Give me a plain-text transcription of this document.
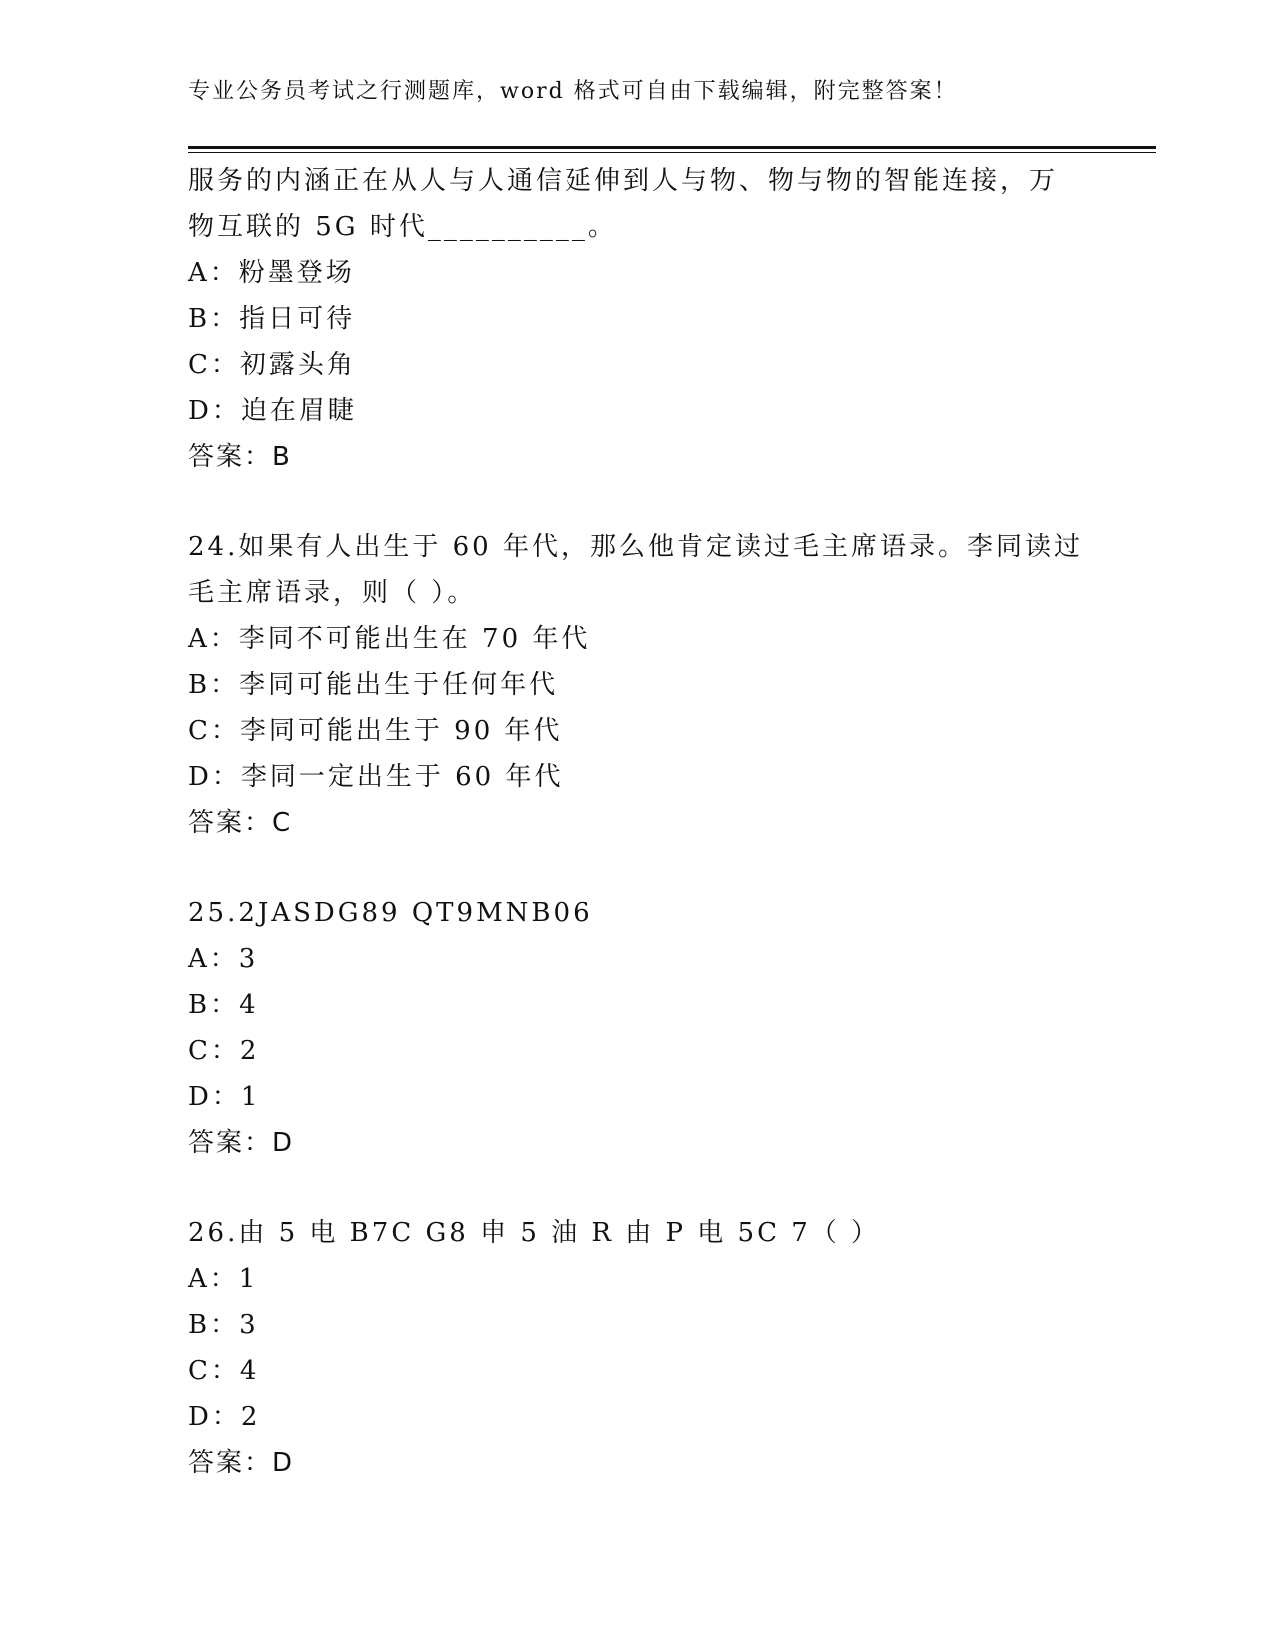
专业公务员考试之行测题库，word 格式可自由下载编辑，附完整答案！
服务的内涵正在从人与人通信延伸到人与物、物与物的智能连接，万
物互联的 5G 时代__________。
A：粉墨登场
B：指日可待
C：初露头角
D：迫在眉睫
答案：B
24.如果有人出生于 60 年代，那么他肯定读过毛主席语录。李同读过
毛主席语录，则（ ）。
A：李同不可能出生在 70 年代
B：李同可能出生于任何年代
C：李同可能出生于 90 年代
D：李同一定出生于 60 年代
答案：C
25.2JASDG89 QT9MNB06
A：3
B：4
C：2
D：1
答案：D
26.由 5 电 B7C G8 申 5 油 R 由 P 电 5C 7（ ）
A：1
B：3
C：4
D：2
答案：D
